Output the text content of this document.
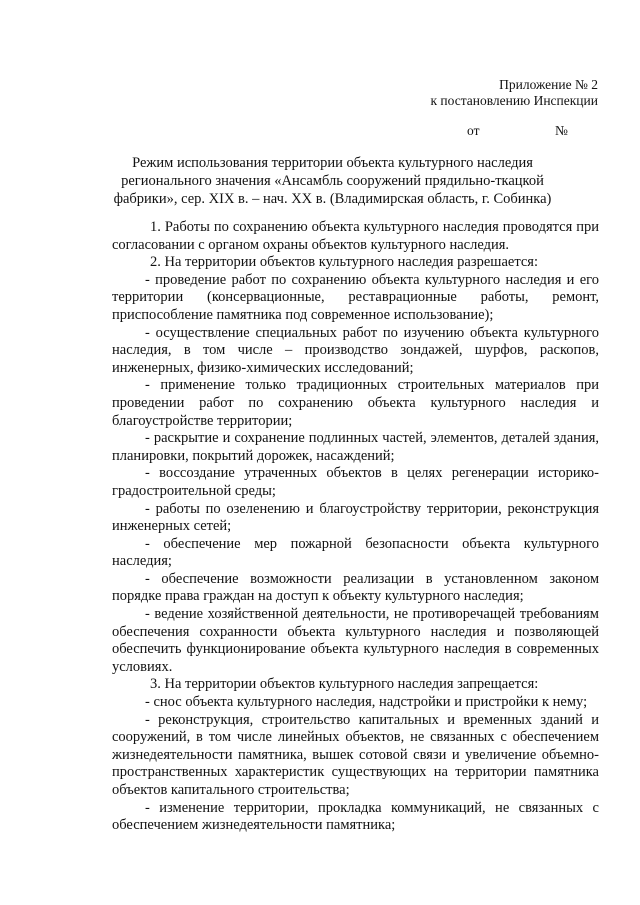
Приложение № 2
к постановлению Инспекции
от	№
Режим использования территории объекта культурного наследия
регионального значения «Ансамбль сооружений прядильно-ткацкой
фабрики», сер. XIX в. – нач. XX в. (Владимирская область, г. Собинка)

1. Работы по сохранению объекта культурного наследия проводятся при согласовании с органом охраны объектов культурного наследия.

2. На территории объектов культурного наследия разрешается:

- проведение работ по сохранению объекта культурного наследия и его территории (консервационные, реставрационные работы, ремонт, приспособление памятника под современное использование);

- осуществление специальных работ по изучению объекта культурного наследия, в том числе – производство зондажей, шурфов, раскопов, инженерных, физико-химических исследований;

- применение только традиционных строительных материалов при проведении работ по сохранению объекта культурного наследия и благоустройстве территории;

- раскрытие и сохранение подлинных частей, элементов, деталей здания, планировки, покрытий дорожек, насаждений;

- воссоздание утраченных объектов в целях регенерации историко-градостроительной среды;

- работы по озеленению и благоустройству территории, реконструкция инженерных сетей;

- обеспечение мер пожарной безопасности объекта культурного наследия;

- обеспечение возможности реализации в установленном законом порядке права граждан на доступ к объекту культурного наследия;

- ведение хозяйственной деятельности, не противоречащей требованиям обеспечения сохранности объекта культурного наследия и позволяющей обеспечить функционирование объекта культурного наследия в современных условиях.

3. На территории объектов культурного наследия запрещается:

- снос объекта культурного наследия, надстройки и пристройки к нему;

- реконструкция, строительство капитальных и временных зданий и сооружений, в том числе линейных объектов, не связанных с обеспечением жизнедеятельности памятника, вышек сотовой связи и увеличение объемно-пространственных характеристик существующих на территории памятника объектов капитального строительства;

- изменение территории, прокладка коммуникаций, не связанных с обеспечением жизнедеятельности памятника;
